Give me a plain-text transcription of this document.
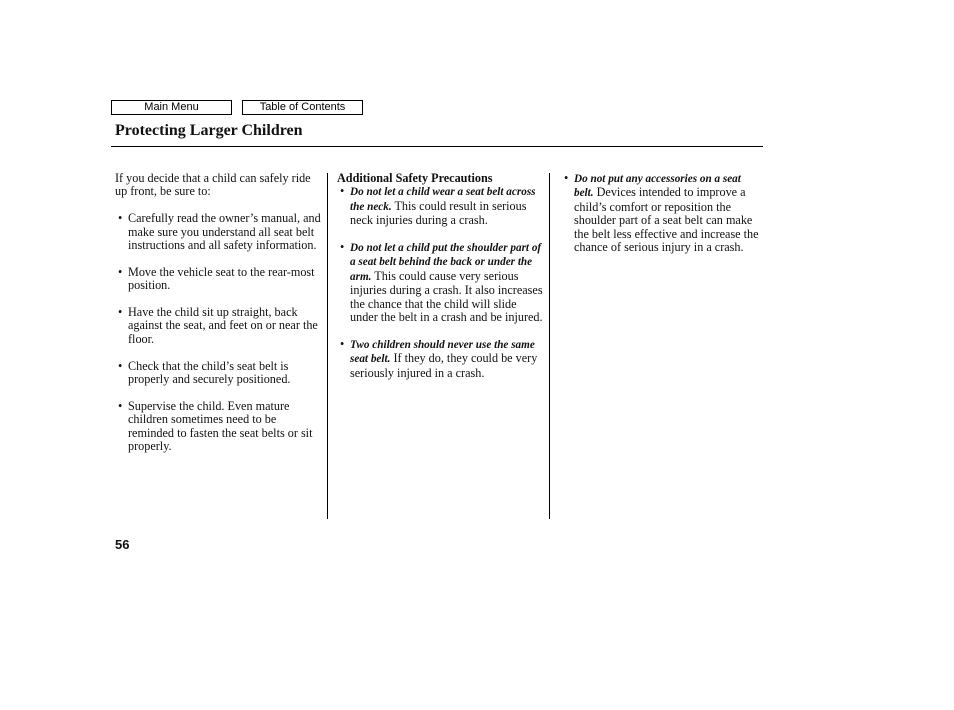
Main Menu	Table of Contents
Protecting Larger Children

If you decide that a child can safely ride up front, be sure to:

• Carefully read the owner’s manual, and make sure you understand all seat belt instructions and all safety information.
• Move the vehicle seat to the rear-most position.
• Have the child sit up straight, back against the seat, and feet on or near the floor.
• Check that the child’s seat belt is properly and securely positioned.
• Supervise the child. Even mature children sometimes need to be reminded to fasten the seat belts or sit properly.

Additional Safety Precautions

• Do not let a child wear a seat belt across the neck. This could result in serious neck injuries during a crash.
• Do not let a child put the shoulder part of a seat belt behind the back or under the arm. This could cause very serious injuries during a crash. It also increases the chance that the child will slide under the belt in a crash and be injured.
• Two children should never use the same seat belt. If they do, they could be very seriously injured in a crash.
• Do not put any accessories on a seat belt. Devices intended to improve a child’s comfort or reposition the shoulder part of a seat belt can make the belt less effective and increase the chance of serious injury in a crash.

56
